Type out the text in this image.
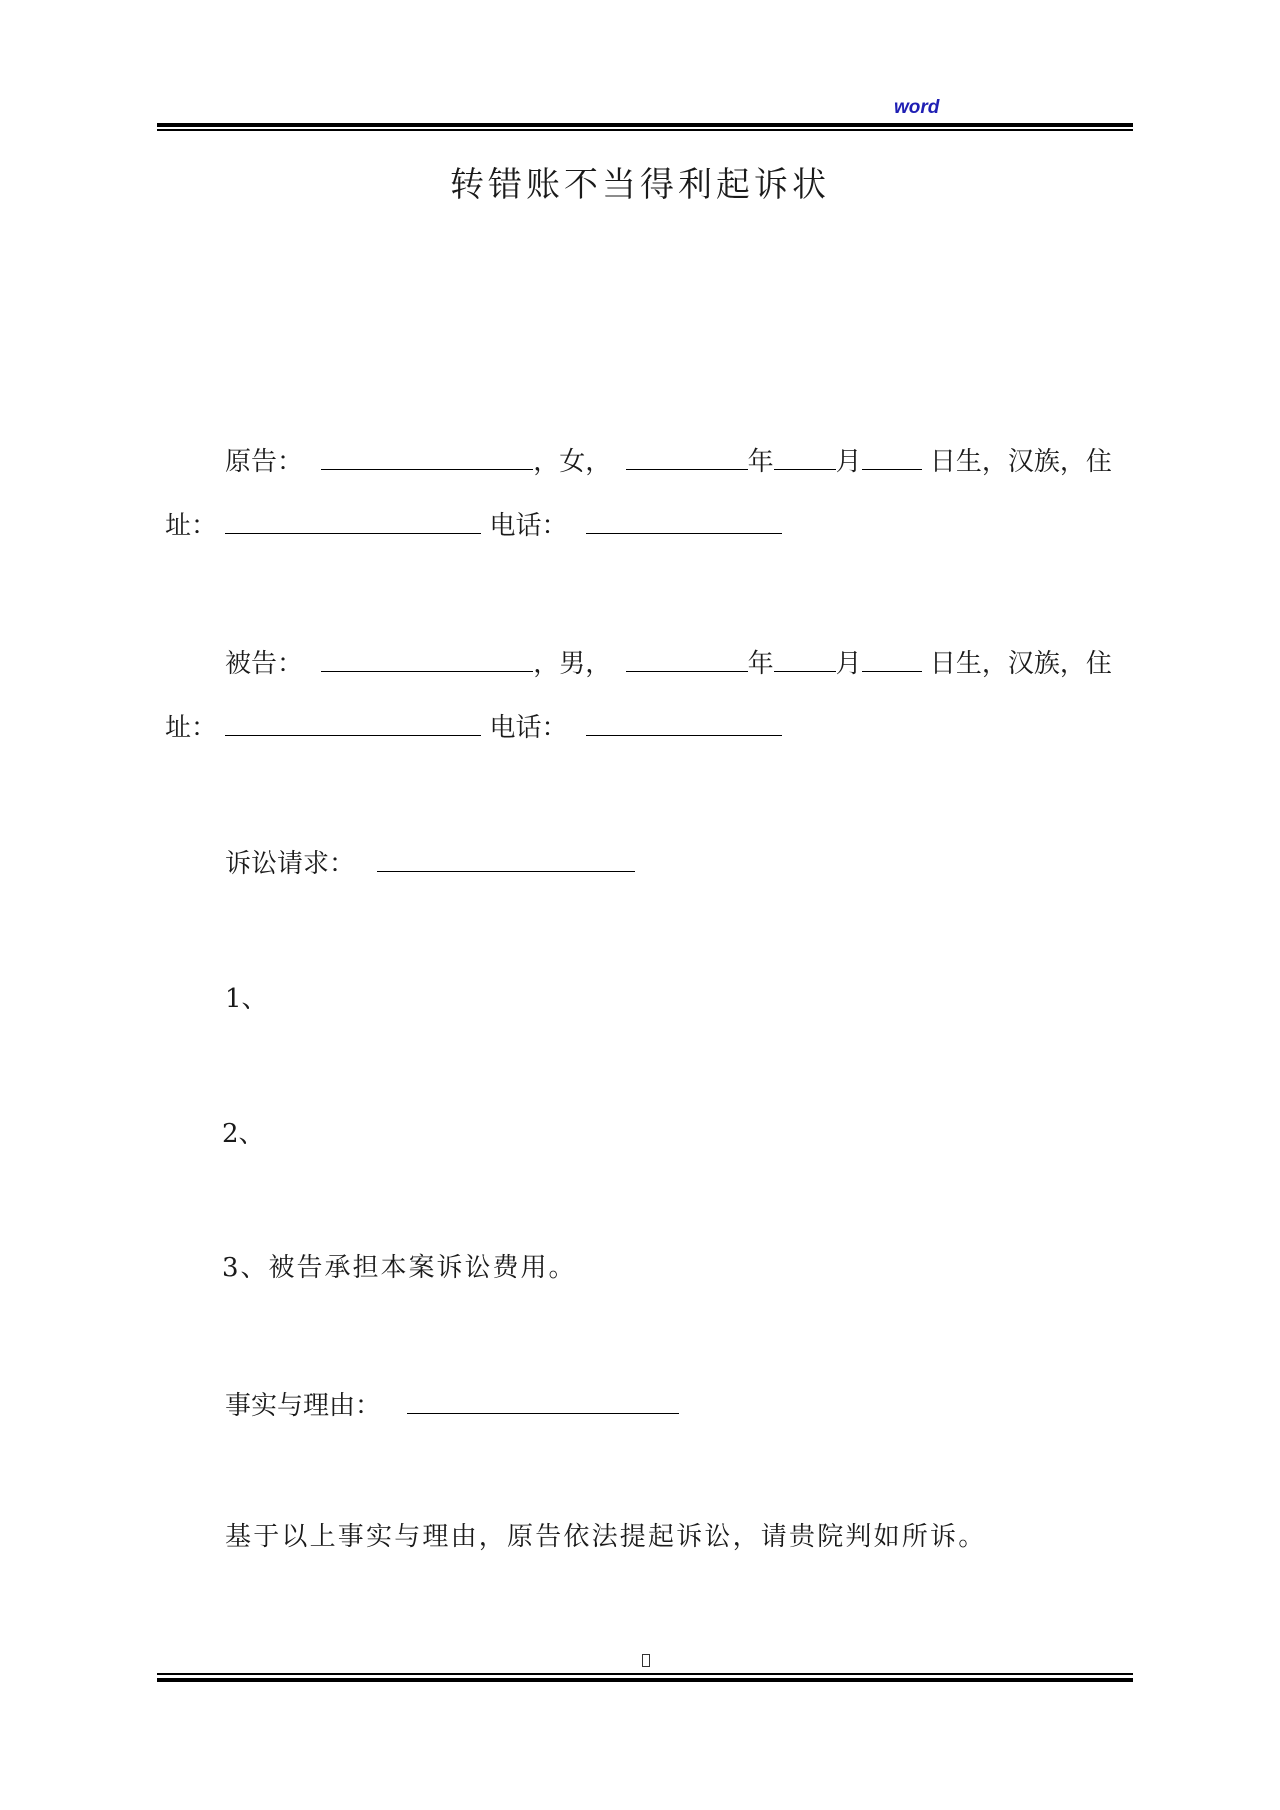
word
转错账不当得利起诉状
原告：	，女，	年 月 日生，汉族，住
址：	电话：
被告：	，男，	年 月 日生，汉族，住
址：	电话：
诉讼请求：
1、
2、
3、被告承担本案诉讼费用。
事实与理由：
基于以上事实与理由，原告依法提起诉讼，请贵院判如所诉。
